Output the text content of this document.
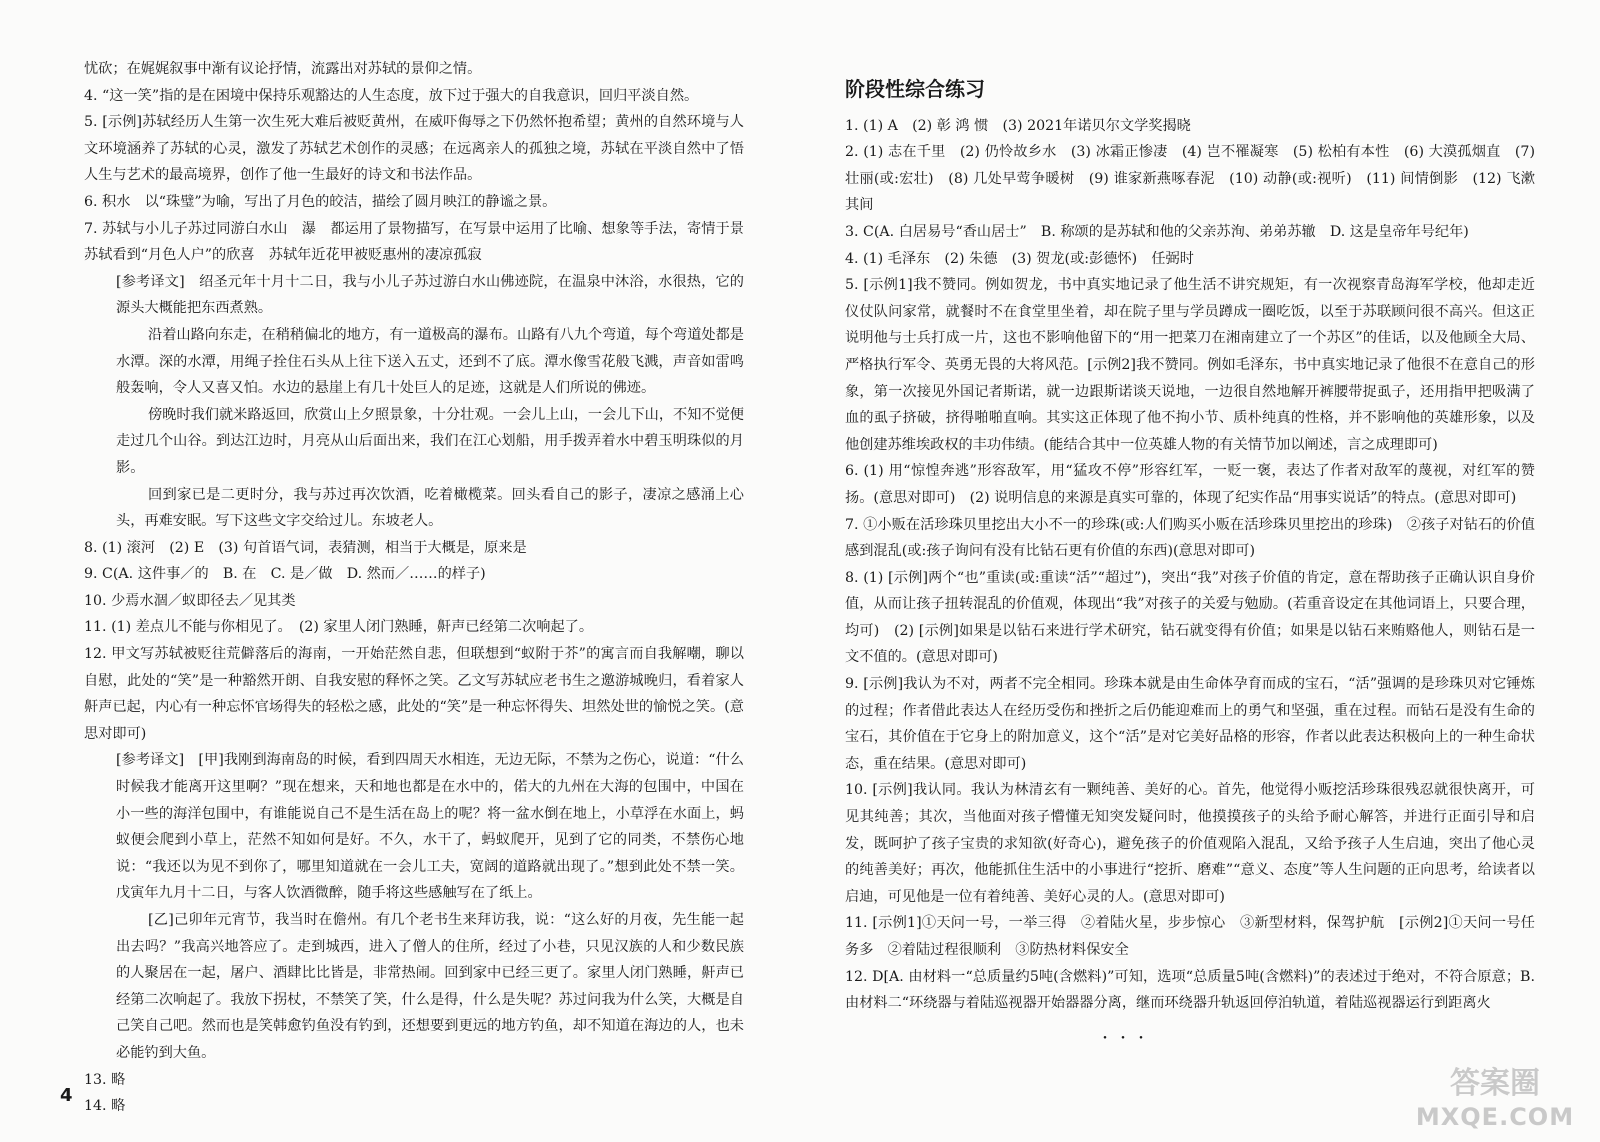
忧砍；在娓娓叙事中渐有议论抒情，流露出对苏轼的景仰之情。

4. “这一笑”指的是在困境中保持乐观豁达的人生态度，放下过于强大的自我意识，回归平淡自然。

5. [示例]苏轼经历人生第一次生死大难后被贬黄州，在威吓侮辱之下仍然怀抱希望；黄州的自然环境与人文环境涵养了苏轼的心灵，激发了苏轼艺术创作的灵感；在远离亲人的孤独之境，苏轼在平淡自然中了悟人生与艺术的最高境界，创作了他一生最好的诗文和书法作品。

6. 积水　以“珠璧”为喻，写出了月色的皎洁，描绘了圆月映江的静谧之景。

7. 苏轼与小儿子苏过同游白水山　瀑　都运用了景物描写，在写景中运用了比喻、想象等手法，寄情于景　苏轼看到“月色人户”的欣喜　苏轼年近花甲被贬惠州的凄凉孤寂

[参考译文]　绍圣元年十月十二日，我与小儿子苏过游白水山佛迹院，在温泉中沐浴，水很热，它的源头大概能把东西煮熟。

沿着山路向东走，在稍稍偏北的地方，有一道极高的瀑布。山路有八九个弯道，每个弯道处都是水潭。深的水潭，用绳子拴住石头从上往下送入五丈，还到不了底。潭水像雪花般飞溅，声音如雷鸣般轰响，令人又喜又怕。水边的悬崖上有几十处巨人的足迹，这就是人们所说的佛迹。

傍晚时我们就米路返回，欣赏山上夕照景象，十分壮观。一会儿上山，一会儿下山，不知不觉便走过几个山谷。到达江边时，月亮从山后面出来，我们在江心划船，用手拨弄着水中碧玉明珠似的月影。

回到家已是二更时分，我与苏过再次饮酒，吃着橄榄菜。回头看自己的影子，凄凉之感涌上心头，再难安眠。写下这些文字交给过儿。东坡老人。

8. (1) 滚河　(2) E　(3) 句首语气词，表猜测，相当于大概是，原来是

9. C(A. 这件事／的　B. 在　C. 是／做　D. 然而／……的样子)

10. 少焉水涸／蚁即径去／见其类

11. (1) 差点儿不能与你相见了。　(2) 家里人闭门熟睡，鼾声已经第二次响起了。

12. 甲文写苏轼被贬往荒僻落后的海南，一开始茫然自悲，但联想到“蚁附于芥”的寓言而自我解嘲，聊以自慰，此处的“笑”是一种豁然开朗、自我安慰的释怀之笑。乙文写苏轼应老书生之邀游城晚归，看着家人鼾声已起，内心有一种忘怀官场得失的轻松之感，此处的“笑”是一种忘怀得失、坦然处世的愉悦之笑。(意思对即可)

[参考译文]　[甲]我刚到海南岛的时候，看到四周天水相连，无边无际，不禁为之伤心，说道：“什么时候我才能离开这里啊？”现在想来，天和地也都是在水中的，偌大的九州在大海的包围中，中国在小一些的海洋包围中，有谁能说自己不是生活在岛上的呢？将一盆水倒在地上，小草浮在水面上，蚂蚁便会爬到小草上，茫然不知如何是好。不久，水干了，蚂蚁爬开，见到了它的同类，不禁伤心地说：“我还以为见不到你了，哪里知道就在一会儿工夫，宽阔的道路就出现了。”想到此处不禁一笑。戊寅年九月十二日，与客人饮酒微醉，随手将这些感触写在了纸上。

[乙]己卯年元宵节，我当时在儋州。有几个老书生来拜访我，说：“这么好的月夜，先生能一起出去吗？”我高兴地答应了。走到城西，进入了僧人的住所，经过了小巷，只见汉族的人和少数民族的人聚居在一起，屠户、酒肆比比皆是，非常热闹。回到家中已经三更了。家里人闭门熟睡，鼾声已经第二次响起了。我放下拐杖，不禁笑了笑，什么是得，什么是失呢？苏过问我为什么笑，大概是自己笑自己吧。然而也是笑韩愈钓鱼没有钓到，还想要到更远的地方钓鱼，却不知道在海边的人，也未必能钓到大鱼。

13. 略

14. 略

阶段性综合练习

1. (1) A　(2) 彰 鸿 惯　(3) 2021年诺贝尔文学奖揭晓

2. (1) 志在千里　(2) 仍怜故乡水　(3) 冰霜正惨凄　(4) 岂不罹凝寒　(5) 松柏有本性　(6) 大漠孤烟直　(7) 壮丽(或:宏壮)　(8) 几处早莺争暖树　(9) 谁家新燕啄春泥　(10) 动静(或:视听)　(11) 间情倒影　(12) 飞漱其间

3. C(A. 白居易号“香山居士”　B. 称颂的是苏轼和他的父亲苏洵、弟弟苏辙　D. 这是皇帝年号纪年)

4. (1) 毛泽东　(2) 朱德　(3) 贺龙(或:彭德怀)　任弼时

5. [示例1]我不赞同。例如贺龙，书中真实地记录了他生活不讲究规矩，有一次视察青岛海军学校，他却走近仪仗队问家常，就餐时不在食堂里坐着，却在院子里与学员蹲成一圈吃饭，以至于苏联顾问很不高兴。但这正说明他与士兵打成一片，这也不影响他留下的“用一把菜刀在湘南建立了一个苏区”的佳话，以及他顾全大局、严格执行军令、英勇无畏的大将风范。[示例2]我不赞同。例如毛泽东，书中真实地记录了他很不在意自己的形象，第一次接见外国记者斯诺，就一边跟斯诺谈天说地，一边很自然地解开裤腰带捉虱子，还用指甲把吸满了血的虱子挤破，挤得啪啪直响。其实这正体现了他不拘小节、质朴纯真的性格，并不影响他的英雄形象，以及他创建苏维埃政权的丰功伟绩。(能结合其中一位英雄人物的有关情节加以阐述，言之成理即可)

6. (1) 用“惊惶奔逃”形容敌军，用“猛攻不停”形容红军，一贬一褒，表达了作者对敌军的蔑视，对红军的赞扬。(意思对即可)　(2) 说明信息的来源是真实可靠的，体现了纪实作品“用事实说话”的特点。(意思对即可)

7. ①小贩在活珍珠贝里挖出大小不一的珍珠(或:人们购买小贩在活珍珠贝里挖出的珍珠)　②孩子对钻石的价值感到混乱(或:孩子询问有没有比钻石更有价值的东西)(意思对即可)

8. (1) [示例]两个“也”重读(或:重读“活”“超过”)，突出“我”对孩子价值的肯定，意在帮助孩子正确认识自身价值，从而让孩子扭转混乱的价值观，体现出“我”对孩子的关爱与勉励。(若重音设定在其他词语上，只要合理，均可)　(2) [示例]如果是以钻石来进行学术研究，钻石就变得有价值；如果是以钻石来贿赂他人，则钻石是一文不值的。(意思对即可)

9. [示例]我认为不对，两者不完全相同。珍珠本就是由生命体孕育而成的宝石，“活”强调的是珍珠贝对它锤炼的过程；作者借此表达人在经历受伤和挫折之后仍能迎难而上的勇气和坚强，重在过程。而钻石是没有生命的宝石，其价值在于它身上的附加意义，这个“活”是对它美好品格的形容，作者以此表达积极向上的一种生命状态，重在结果。(意思对即可)

10. [示例]我认同。我认为林清玄有一颗纯善、美好的心。首先，他觉得小贩挖活珍珠很残忍就很快离开，可见其纯善；其次，当他面对孩子懵懂无知突发疑问时，他摸摸孩子的头给予耐心解答，并进行正面引导和启发，既呵护了孩子宝贵的求知欲(好奇心)，避免孩子的价值观陷入混乱，又给予孩子人生启迪，突出了他心灵的纯善美好；再次，他能抓住生活中的小事进行“挖折、磨难”“意义、态度”等人生问题的正向思考，给读者以启迪，可见他是一位有着纯善、美好心灵的人。(意思对即可)

11. [示例1]①天问一号，一举三得　②着陆火星，步步惊心　③新型材料，保驾护航　[示例2]①天问一号任务多　②着陆过程很顺利　③防热材料保安全

12. D[A. 由材料一“总质量约5吨(含燃料)”可知，选项“总质量5吨(含燃料)”的表述过于绝对，不符合原意；B. 由材料二“环绕器与着陆巡视器开始器器分离，继而环绕器升轨返回停泊轨道，着陆巡视器运行到距离火

・・・
4	答案圈
MXQE.COM
